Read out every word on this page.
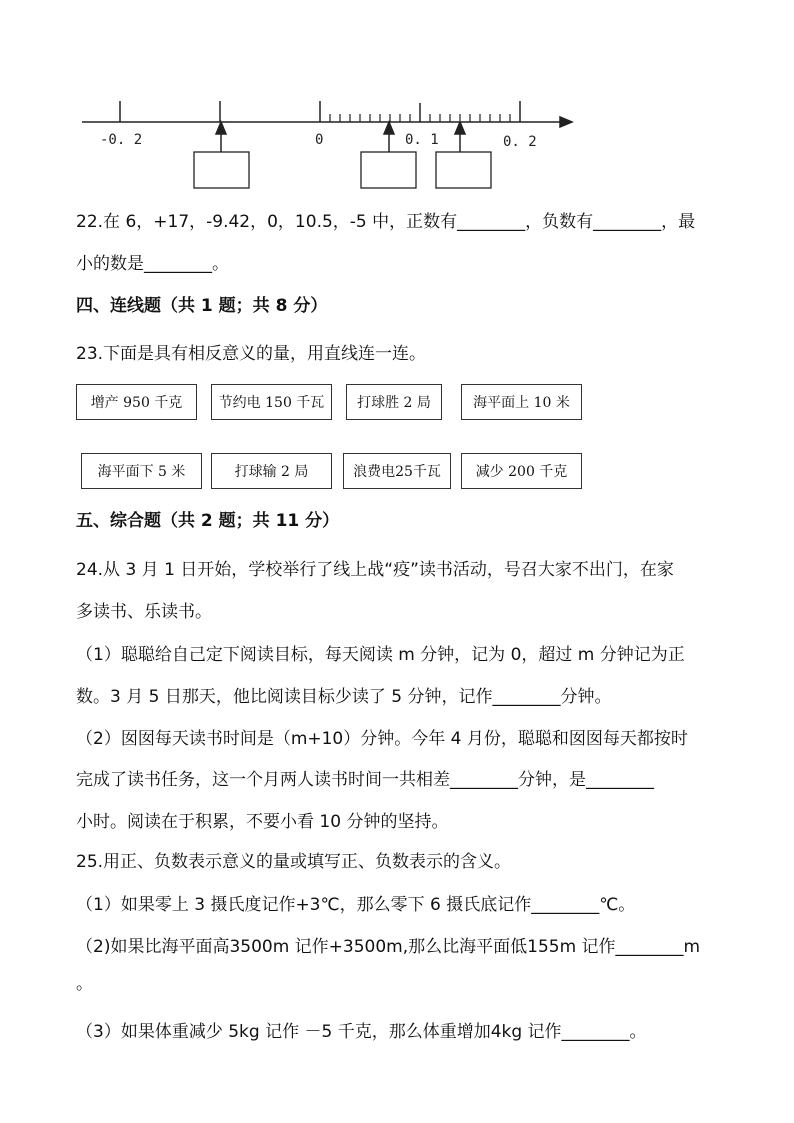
-0. 2	0	0. 1	0. 2
22.在 6，+17，-9.42，0，10.5，-5 中，正数有________，负数有________，最
小的数是________。
四、连线题（共 1 题；共 8 分）
23.下面是具有相反意义的量，用直线连一连。
增产 950 千克	节约电 150 千瓦	打球胜 2 局	海平面上 10 米
海平面下 5 米	打球输 2 局	浪费电25千瓦	减少 200 千克
五、综合题（共 2 题；共 11 分）
24.从 3 月 1 日开始，学校举行了线上战“疫”读书活动，号召大家不出门，在家
多读书、乐读书。
（1）聪聪给自己定下阅读目标，每天阅读 m 分钟，记为 0，超过 m 分钟记为正
数。3 月 5 日那天，他比阅读目标少读了 5 分钟，记作________分钟。
（2）囡囡每天读书时间是（m+10）分钟。今年 4 月份，聪聪和囡囡每天都按时
完成了读书任务，这一个月两人读书时间一共相差________分钟，是________
小时。阅读在于积累，不要小看 10 分钟的坚持。
25.用正、负数表示意义的量或填写正、负数表示的含义。
（1）如果零上 3 摄氏度记作+3℃，那么零下 6 摄氏底记作________℃。
（2)如果比海平面高3500m 记作+3500m,那么比海平面低155m 记作________m
。
（3）如果体重减少 5kg 记作 －5 千克，那么体重增加4kg 记作________。
